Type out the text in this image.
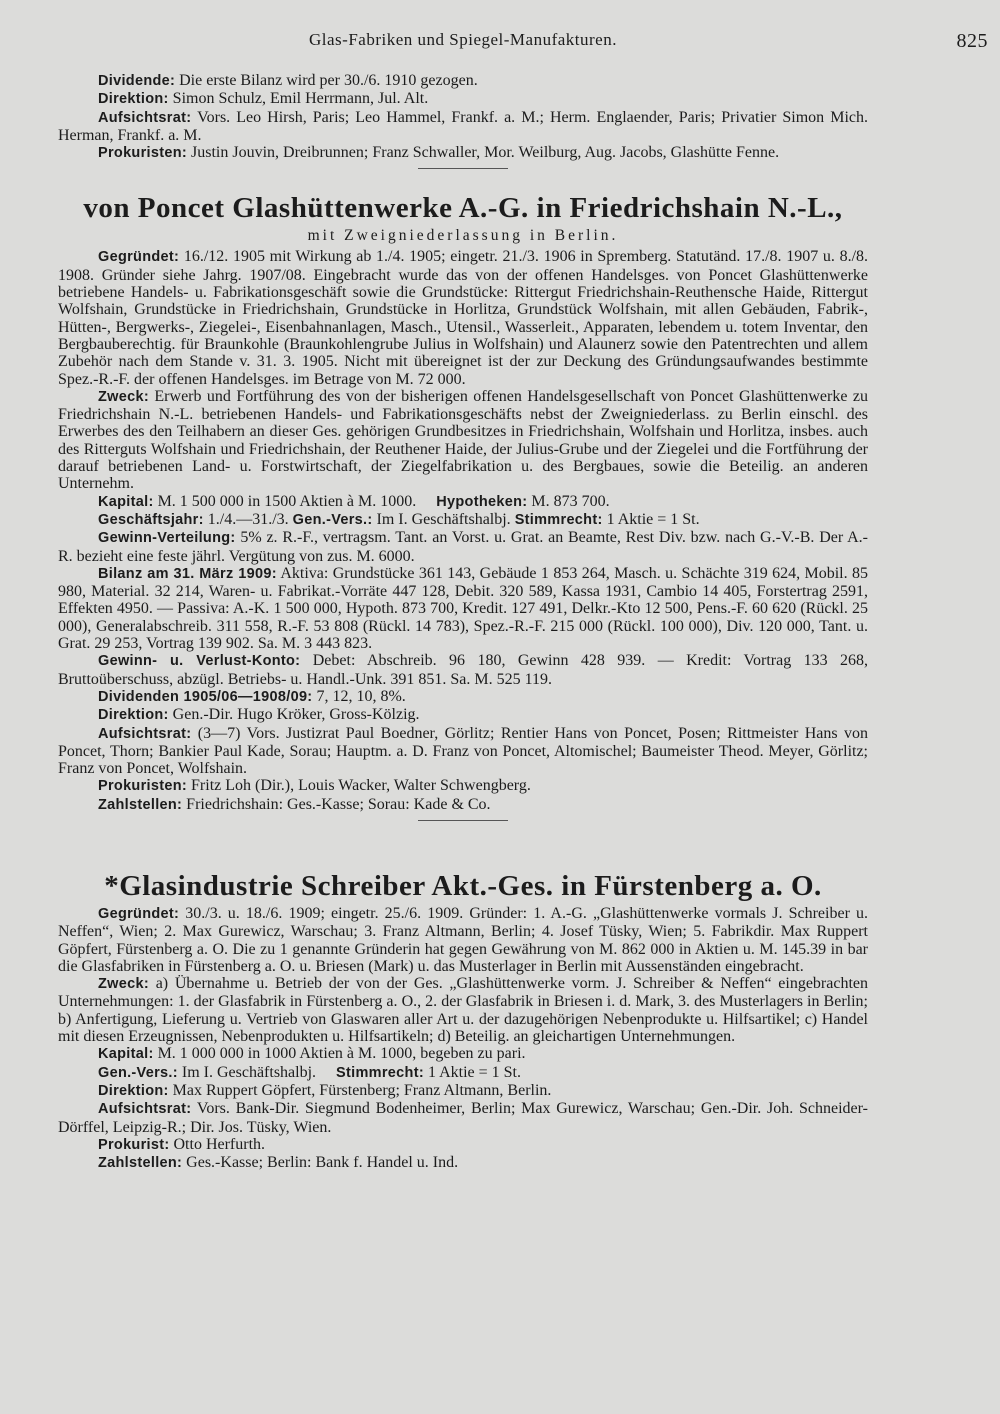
Glas-Fabriken und Spiegel-Manufakturen.	825

Dividende: Die erste Bilanz wird per 30./6. 1910 gezogen.

Direktion: Simon Schulz, Emil Herrmann, Jul. Alt.

Aufsichtsrat: Vors. Leo Hirsh, Paris; Leo Hammel, Frankf. a. M.; Herm. Englaender, Paris; Privatier Simon Mich. Herman, Frankf. a. M.

Prokuristen: Justin Jouvin, Dreibrunnen; Franz Schwaller, Mor. Weilburg, Aug. Jacobs, Glashütte Fenne.

von Poncet Glashüttenwerke A.-G. in Friedrichshain N.-L.,
mit Zweigniederlassung in Berlin.

Gegründet: 16./12. 1905 mit Wirkung ab 1./4. 1905; eingetr. 21./3. 1906 in Spremberg. Statutänd. 17./8. 1907 u. 8./8. 1908. Gründer siehe Jahrg. 1907/08. Eingebracht wurde das von der offenen Handelsges. von Poncet Glashüttenwerke betriebene Handels- u. Fabrikationsgeschäft sowie die Grundstücke: Rittergut Friedrichshain-Reuthensche Haide, Rittergut Wolfshain, Grundstücke in Friedrichshain, Grundstücke in Horlitza, Grundstück Wolfshain, mit allen Gebäuden, Fabrik-, Hütten-, Bergwerks-, Ziegelei-, Eisenbahnanlagen, Masch., Utensil., Wasserleit., Apparaten, lebendem u. totem Inventar, den Bergbauberechtig. für Braunkohle (Braunkohlengrube Julius in Wolfshain) und Alaunerz sowie den Patentrechten und allem Zubehör nach dem Stande v. 31. 3. 1905. Nicht mit übereignet ist der zur Deckung des Gründungsaufwandes bestimmte Spez.-R.-F. der offenen Handelsges. im Betrage von M. 72 000.

Zweck: Erwerb und Fortführung des von der bisherigen offenen Handelsgesellschaft von Poncet Glashüttenwerke zu Friedrichshain N.-L. betriebenen Handels- und Fabrikationsgeschäfts nebst der Zweigniederlass. zu Berlin einschl. des Erwerbes des den Teilhabern an dieser Ges. gehörigen Grundbesitzes in Friedrichshain, Wolfshain und Horlitza, insbes. auch des Ritterguts Wolfshain und Friedrichshain, der Reuthener Haide, der Julius-Grube und der Ziegelei und die Fortführung der darauf betriebenen Land- u. Forstwirtschaft, der Ziegelfabrikation u. des Bergbaues, sowie die Beteilig. an anderen Unternehm.

Kapital: M. 1 500 000 in 1500 Aktien à M. 1000. Hypotheken: M. 873 700.

Geschäftsjahr: 1./4.—31./3. Gen.-Vers.: Im I. Geschäftshalbj. Stimmrecht: 1 Aktie = 1 St.

Gewinn-Verteilung: 5% z. R.-F., vertragsm. Tant. an Vorst. u. Grat. an Beamte, Rest Div. bzw. nach G.-V.-B. Der A.-R. bezieht eine feste jährl. Vergütung von zus. M. 6000.

Bilanz am 31. März 1909: Aktiva: Grundstücke 361 143, Gebäude 1 853 264, Masch. u. Schächte 319 624, Mobil. 85 980, Material. 32 214, Waren- u. Fabrikat.-Vorräte 447 128, Debit. 320 589, Kassa 1931, Cambio 14 405, Forstertrag 2591, Effekten 4950. — Passiva: A.-K. 1 500 000, Hypoth. 873 700, Kredit. 127 491, Delkr.-Kto 12 500, Pens.-F. 60 620 (Rückl. 25 000), Generalabschreib. 311 558, R.-F. 53 808 (Rückl. 14 783), Spez.-R.-F. 215 000 (Rückl. 100 000), Div. 120 000, Tant. u. Grat. 29 253, Vortrag 139 902. Sa. M. 3 443 823.

Gewinn- u. Verlust-Konto: Debet: Abschreib. 96 180, Gewinn 428 939. — Kredit: Vortrag 133 268, Bruttoüberschuss, abzügl. Betriebs- u. Handl.-Unk. 391 851. Sa. M. 525 119.

Dividenden 1905/06—1908/09: 7, 12, 10, 8%.

Direktion: Gen.-Dir. Hugo Kröker, Gross-Kölzig.

Aufsichtsrat: (3—7) Vors. Justizrat Paul Boedner, Görlitz; Rentier Hans von Poncet, Posen; Rittmeister Hans von Poncet, Thorn; Bankier Paul Kade, Sorau; Hauptm. a. D. Franz von Poncet, Altomischel; Baumeister Theod. Meyer, Görlitz; Franz von Poncet, Wolfshain.

Prokuristen: Fritz Loh (Dir.), Louis Wacker, Walter Schwengberg.

Zahlstellen: Friedrichshain: Ges.-Kasse; Sorau: Kade & Co.

*Glasindustrie Schreiber Akt.-Ges. in Fürstenberg a. O.

Gegründet: 30./3. u. 18./6. 1909; eingetr. 25./6. 1909. Gründer: 1. A.-G. „Glashüttenwerke vormals J. Schreiber u. Neffen“, Wien; 2. Max Gurewicz, Warschau; 3. Franz Altmann, Berlin; 4. Josef Tüsky, Wien; 5. Fabrikdir. Max Ruppert Göpfert, Fürstenberg a. O. Die zu 1 genannte Gründerin hat gegen Gewährung von M. 862 000 in Aktien u. M. 145.39 in bar die Glasfabriken in Fürstenberg a. O. u. Briesen (Mark) u. das Musterlager in Berlin mit Aussenständen eingebracht.

Zweck: a) Übernahme u. Betrieb der von der Ges. „Glashüttenwerke vorm. J. Schreiber & Neffen“ eingebrachten Unternehmungen: 1. der Glasfabrik in Fürstenberg a. O., 2. der Glasfabrik in Briesen i. d. Mark, 3. des Musterlagers in Berlin; b) Anfertigung, Lieferung u. Vertrieb von Glaswaren aller Art u. der dazugehörigen Nebenprodukte u. Hilfsartikel; c) Handel mit diesen Erzeugnissen, Nebenprodukten u. Hilfsartikeln; d) Beteilig. an gleichartigen Unternehmungen.

Kapital: M. 1 000 000 in 1000 Aktien à M. 1000, begeben zu pari.

Gen.-Vers.: Im I. Geschäftshalbj. Stimmrecht: 1 Aktie = 1 St.

Direktion: Max Ruppert Göpfert, Fürstenberg; Franz Altmann, Berlin.

Aufsichtsrat: Vors. Bank-Dir. Siegmund Bodenheimer, Berlin; Max Gurewicz, Warschau; Gen.-Dir. Joh. Schneider-Dörffel, Leipzig-R.; Dir. Jos. Tüsky, Wien.

Prokurist: Otto Herfurth.

Zahlstellen: Ges.-Kasse; Berlin: Bank f. Handel u. Ind.
